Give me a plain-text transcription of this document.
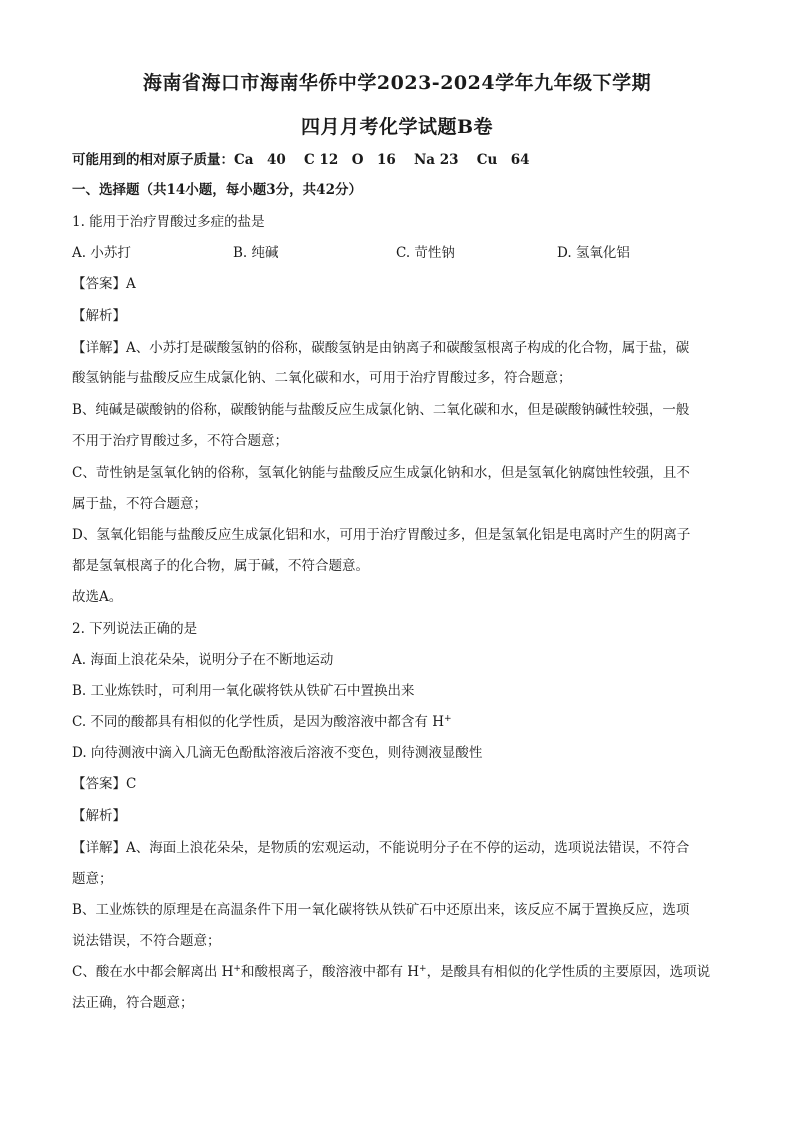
海南省海口市海南华侨中学2023-2024学年九年级下学期
四月月考化学试题B卷
可能用到的相对原子质量：Ca　40　 C 12　O　16　 Na 23　 Cu　64
一、选择题（共14小题，每小题3分，共42分）
1. 能用于治疗胃酸过多症的盐是
A. 小苏打	B. 纯碱	C. 苛性钠	D. 氢氧化铝
【答案】A
【解析】
【详解】A、小苏打是碳酸氢钠的俗称，碳酸氢钠是由钠离子和碳酸氢根离子构成的化合物，属于盐，碳
酸氢钠能与盐酸反应生成氯化钠、二氧化碳和水，可用于治疗胃酸过多，符合题意；
B、纯碱是碳酸钠的俗称，碳酸钠能与盐酸反应生成氯化钠、二氧化碳和水，但是碳酸钠碱性较强，一般
不用于治疗胃酸过多，不符合题意；
C、苛性钠是氢氧化钠的俗称，氢氧化钠能与盐酸反应生成氯化钠和水，但是氢氧化钠腐蚀性较强，且不
属于盐，不符合题意；
D、氢氧化铝能与盐酸反应生成氯化铝和水，可用于治疗胃酸过多，但是氢氧化铝是电离时产生的阴离子
都是氢氧根离子的化合物，属于碱，不符合题意。
故选A。
2. 下列说法正确的是
A. 海面上浪花朵朵，说明分子在不断地运动
B. 工业炼铁时，可利用一氧化碳将铁从铁矿石中置换出来
C. 不同的酸都具有相似的化学性质，是因为酸溶液中都含有 H+
D. 向待测液中滴入几滴无色酚酞溶液后溶液不变色，则待测液显酸性
【答案】C
【解析】
【详解】A、海面上浪花朵朵，是物质的宏观运动，不能说明分子在不停的运动，选项说法错误，不符合
题意；
B、工业炼铁的原理是在高温条件下用一氧化碳将铁从铁矿石中还原出来，该反应不属于置换反应，选项
说法错误，不符合题意；
C、酸在水中都会解离出 H+和酸根离子，酸溶液中都有 H+，是酸具有相似的化学性质的主要原因，选项说
法正确，符合题意；
